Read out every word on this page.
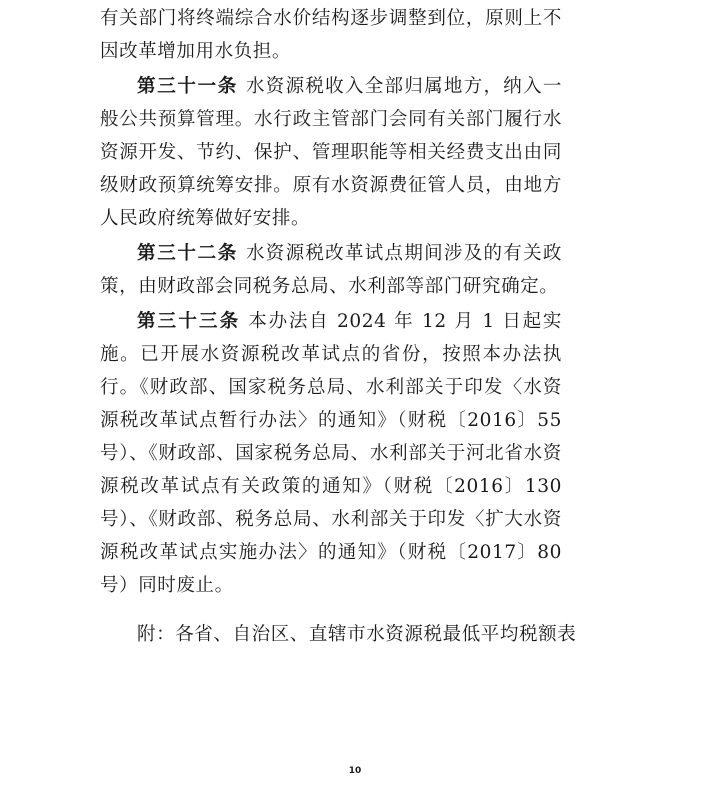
有关部门将终端综合水价结构逐步调整到位，原则上不因改革增加用水负担。

第三十一条 水资源税收入全部归属地方，纳入一般公共预算管理。水行政主管部门会同有关部门履行水资源开发、节约、保护、管理职能等相关经费支出由同级财政预算统筹安排。原有水资源费征管人员，由地方人民政府统筹做好安排。

第三十二条 水资源税改革试点期间涉及的有关政策，由财政部会同税务总局、水利部等部门研究确定。

第三十三条 本办法自 2024 年 12 月 1 日起实施。已开展水资源税改革试点的省份，按照本办法执行。《财政部、国家税务总局、水利部关于印发〈水资源税改革试点暂行办法〉的通知》（财税〔2016〕55 号）、《财政部、国家税务总局、水利部关于河北省水资源税改革试点有关政策的通知》（财税〔2016〕130 号）、《财政部、税务总局、水利部关于印发〈扩大水资源税改革试点实施办法〉的通知》（财税〔2017〕80 号）同时废止。

附：各省、自治区、直辖市水资源税最低平均税额表
10
